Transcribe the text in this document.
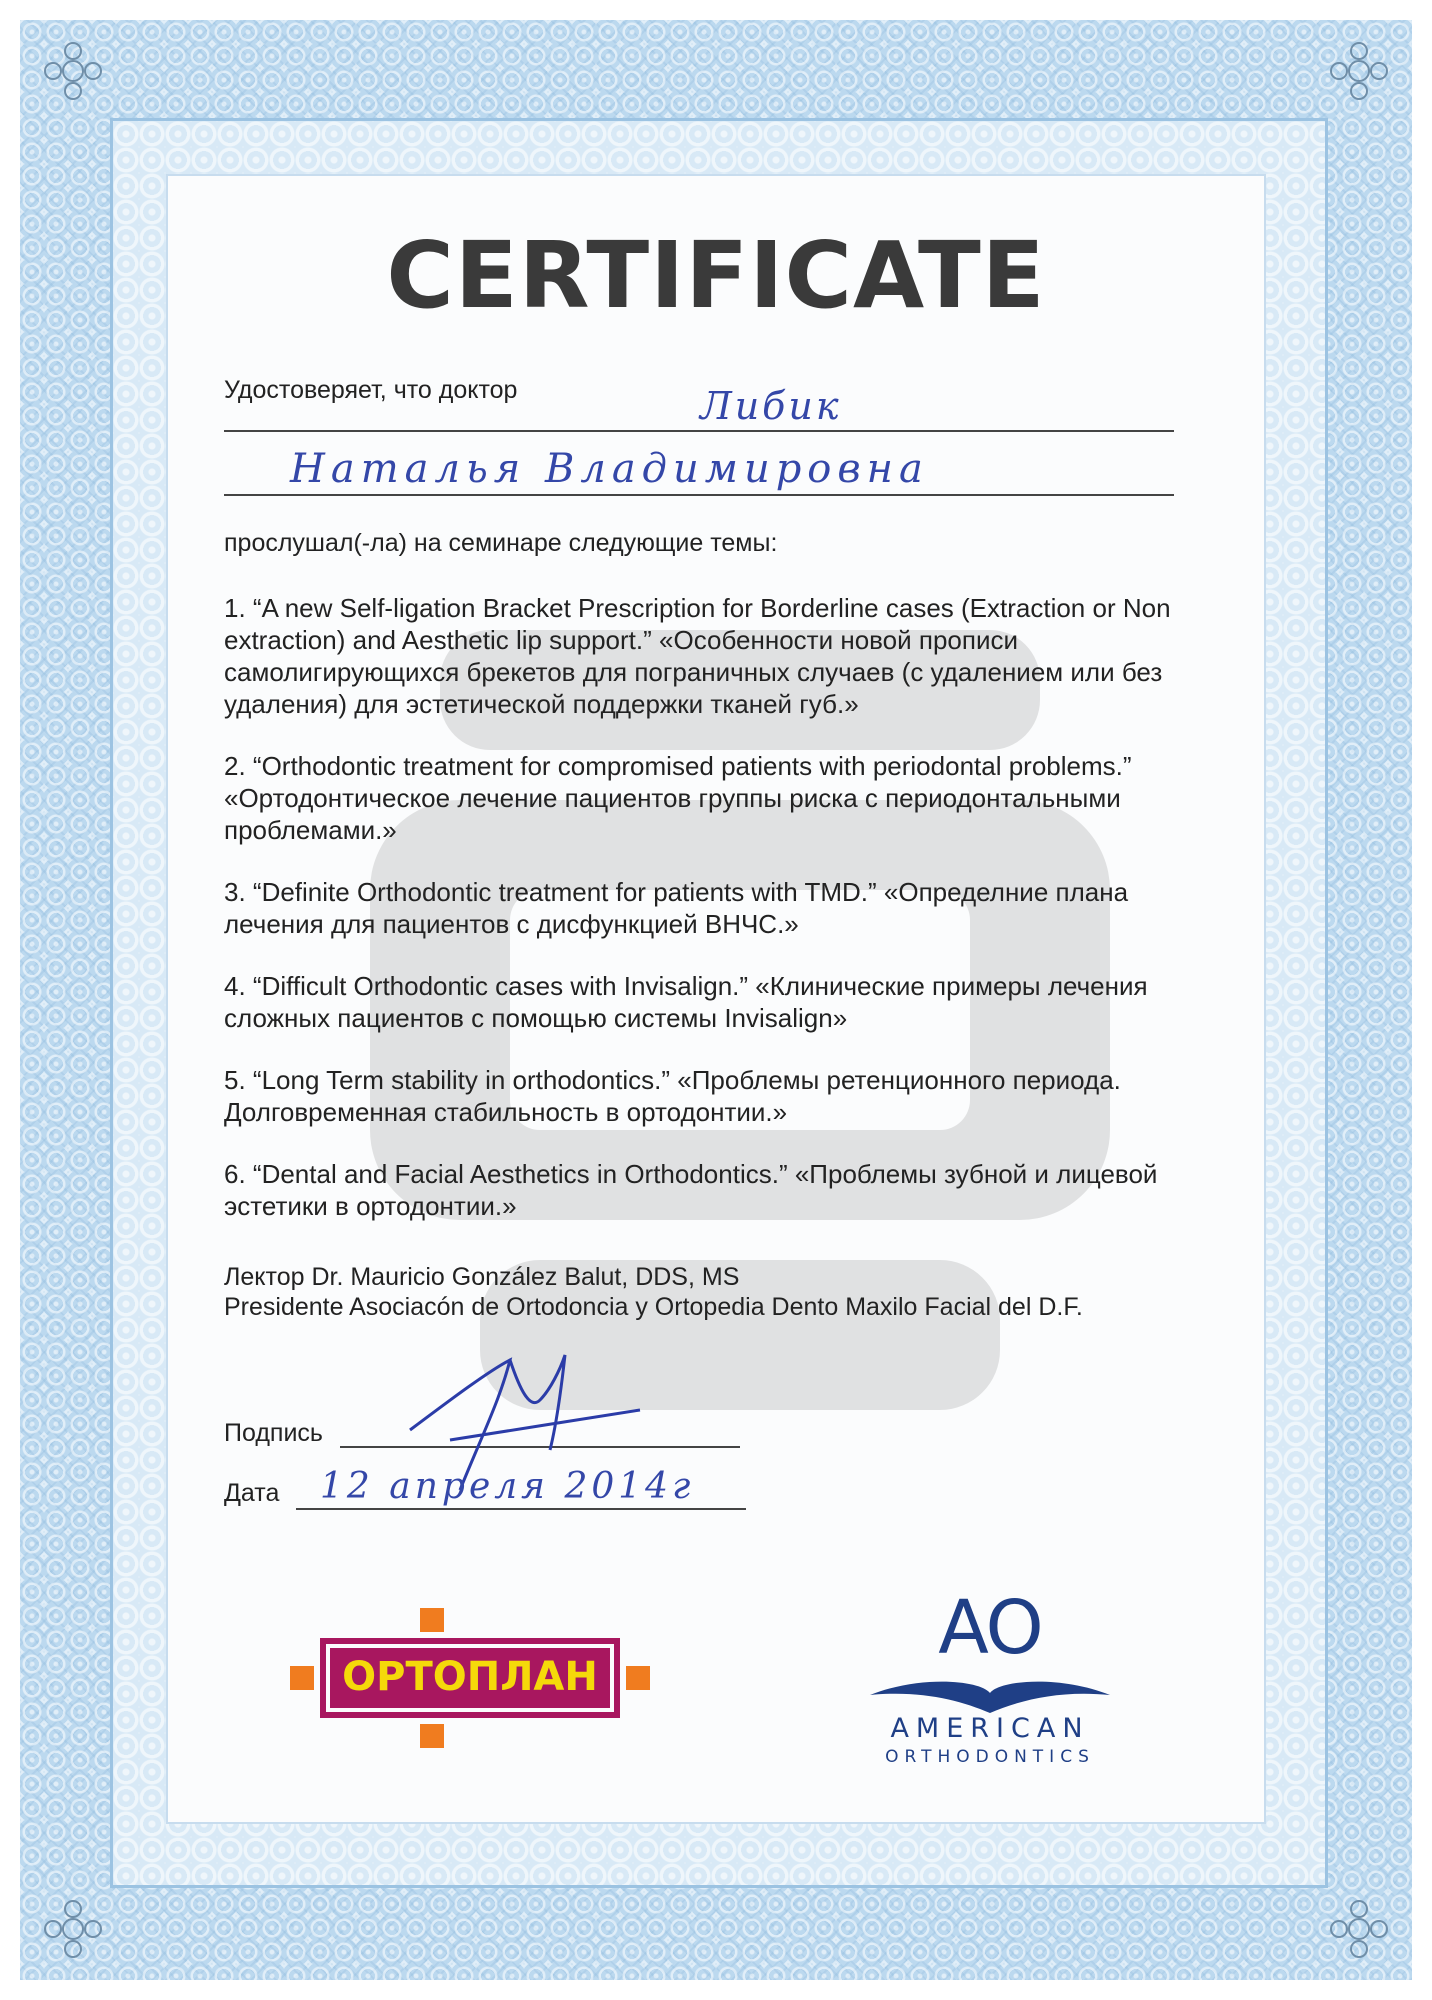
CERTIFICATE
Удостоверяет, что доктор	Либик
Наталья Владимировна
прослушал(-ла) на семинаре следующие темы:
1. “A new Self-ligation Bracket Prescription for Borderline cases (Extraction or Non extraction) and Aesthetic lip support.” «Особенности новой прописи самолигирующихся брекетов для пограничных случаев (с удалением или без удаления) для эстетической поддержки тканей губ.»
2. “Orthodontic treatment for compromised patients with periodontal problems.” «Ортодонтическое лечение пациентов группы риска с периодонтальными проблемами.»
3. “Definite Orthodontic treatment for patients with TMD.” «Определние плана лечения для пациентов с дисфункцией ВНЧС.»
4. “Difficult Orthodontic cases with Invisalign.” «Клинические примеры лечения сложных пациентов с помощью системы Invisalign»
5. “Long Term stability in orthodontics.” «Проблемы ретенционного периода. Долговременная стабильность в ортодонтии.»
6. “Dental and Facial Aesthetics in Orthodontics.” «Проблемы зубной и лицевой эстетики в ортодонтии.»
Лектор Dr. Mauricio Gonzálеz Balut, DDS, MS
Presidente Asociacón de Ortodoncia y Ortopedia Dento Maxilo Facial del D.F.
Подпись
Дата 12 апреля 2014г
ОРТОПЛАН
AO
AMERICAN
ORTHODONTICS
